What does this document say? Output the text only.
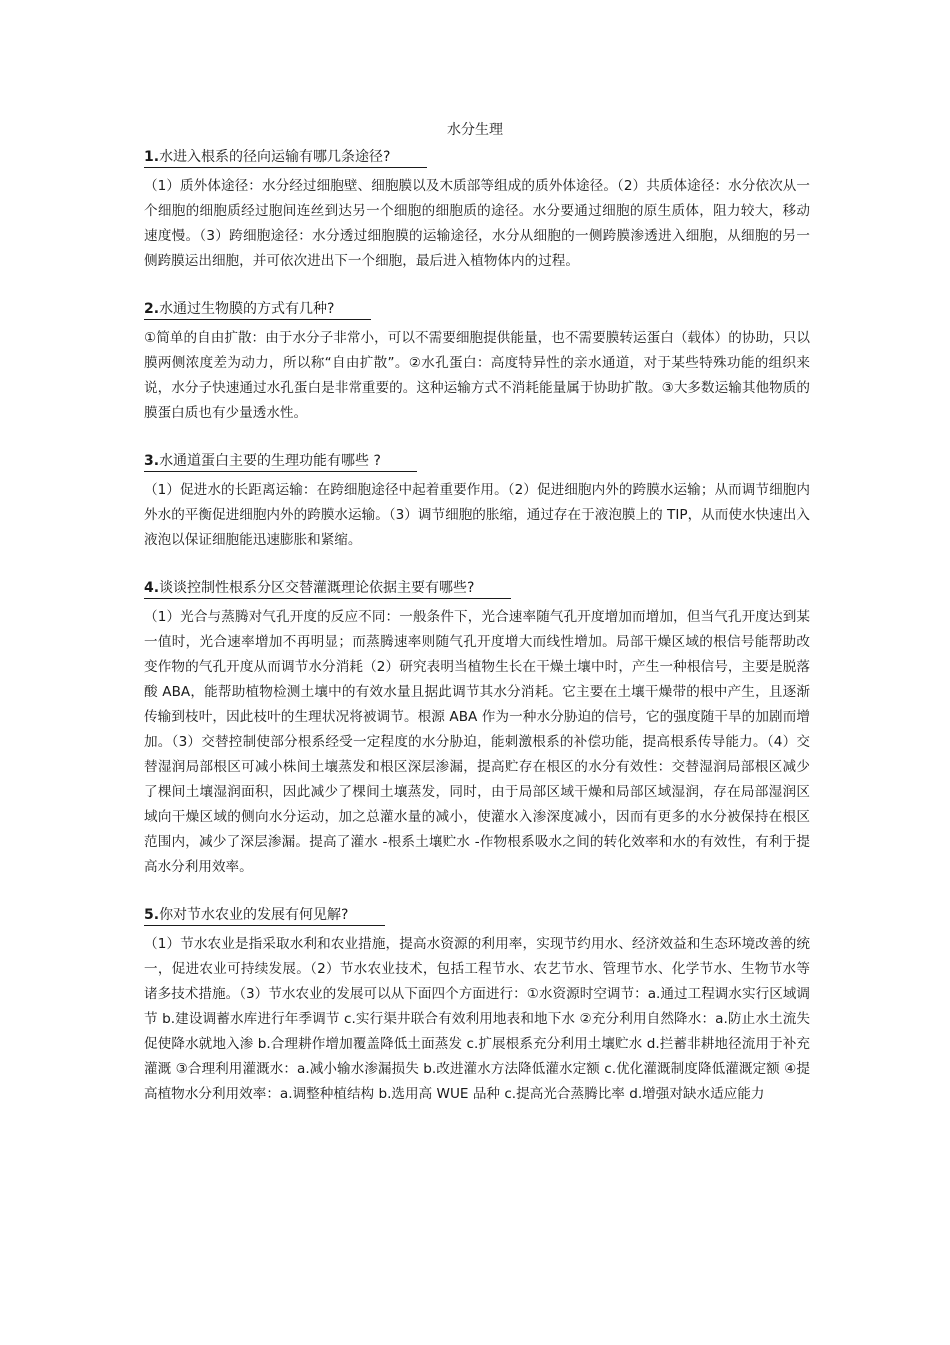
水分生理
1.水进入根系的径向运输有哪几条途径?

（1）质外体途径：水分经过细胞壁、细胞膜以及木质部等组成的质外体途径。（2）共质体途径：水分依次从一个细胞的细胞质经过胞间连丝到达另一个细胞的细胞质的途径。水分要通过细胞的原生质体，阻力较大，移动速度慢。（3）跨细胞途径：水分透过细胞膜的运输途径，水分从细胞的一侧跨膜渗透进入细胞，从细胞的另一侧跨膜运出细胞，并可依次进出下一个细胞，最后进入植物体内的过程。

2.水通过生物膜的方式有几种?

①简单的自由扩散：由于水分子非常小，可以不需要细胞提供能量，也不需要膜转运蛋白（载体）的协助，只以膜两侧浓度差为动力，所以称“自由扩散”。②水孔蛋白：高度特异性的亲水通道，对于某些特殊功能的组织来说，水分子快速通过水孔蛋白是非常重要的。这种运输方式不消耗能量属于协助扩散。③大多数运输其他物质的膜蛋白质也有少量透水性。

3.水通道蛋白主要的生理功能有哪些 ?

（1）促进水的长距离运输：在跨细胞途径中起着重要作用。（2）促进细胞内外的跨膜水运输；从而调节细胞内外水的平衡促进细胞内外的跨膜水运输。（3）调节细胞的胀缩，通过存在于液泡膜上的 TIP，从而使水快速出入液泡以保证细胞能迅速膨胀和紧缩。

4.谈谈控制性根系分区交替灌溉理论依据主要有哪些?

（1）光合与蒸腾对气孔开度的反应不同：一般条件下，光合速率随气孔开度增加而增加，但当气孔开度达到某一值时，光合速率增加不再明显；而蒸腾速率则随气孔开度增大而线性增加。局部干燥区域的根信号能帮助改变作物的气孔开度从而调节水分消耗（2）研究表明当植物生长在干燥土壤中时，产生一种根信号，主要是脱落酸 ABA，能帮助植物检测土壤中的有效水量且据此调节其水分消耗。它主要在土壤干燥带的根中产生，且逐渐传输到枝叶，因此枝叶的生理状况将被调节。根源 ABA 作为一种水分胁迫的信号，它的强度随干旱的加剧而增加。（3）交替控制使部分根系经受一定程度的水分胁迫，能刺激根系的补偿功能，提高根系传导能力。（4）交替湿润局部根区可减小株间土壤蒸发和根区深层渗漏，提高贮存在根区的水分有效性：交替湿润局部根区减少了棵间土壤湿润面积，因此减少了棵间土壤蒸发，同时，由于局部区域干燥和局部区域湿润，存在局部湿润区域向干燥区域的侧向水分运动，加之总灌水量的减小，使灌水入渗深度减小，因而有更多的水分被保持在根区范围内，减少了深层渗漏。提高了灌水 -根系土壤贮水 -作物根系吸水之间的转化效率和水的有效性，有利于提高水分利用效率。

5.你对节水农业的发展有何见解?

（1）节水农业是指采取水利和农业措施，提高水资源的利用率，实现节约用水、经济效益和生态环境改善的统一，促进农业可持续发展。（2）节水农业技术，包括工程节水、农艺节水、管理节水、化学节水、生物节水等诸多技术措施。（3）节水农业的发展可以从下面四个方面进行：①水资源时空调节：a.通过工程调水实行区域调节 b.建设调蓄水库进行年季调节 c.实行渠井联合有效利用地表和地下水 ②充分利用自然降水：a.防止水土流失促使降水就地入渗 b.合理耕作增加覆盖降低土面蒸发 c.扩展根系充分利用土壤贮水 d.拦蓄非耕地径流用于补充灌溉 ③合理利用灌溉水：a.减小输水渗漏损失 b.改进灌水方法降低灌水定额 c.优化灌溉制度降低灌溉定额 ④提高植物水分利用效率：a.调整种植结构 b.选用高 WUE 品种 c.提高光合蒸腾比率 d.增强对缺水适应能力
